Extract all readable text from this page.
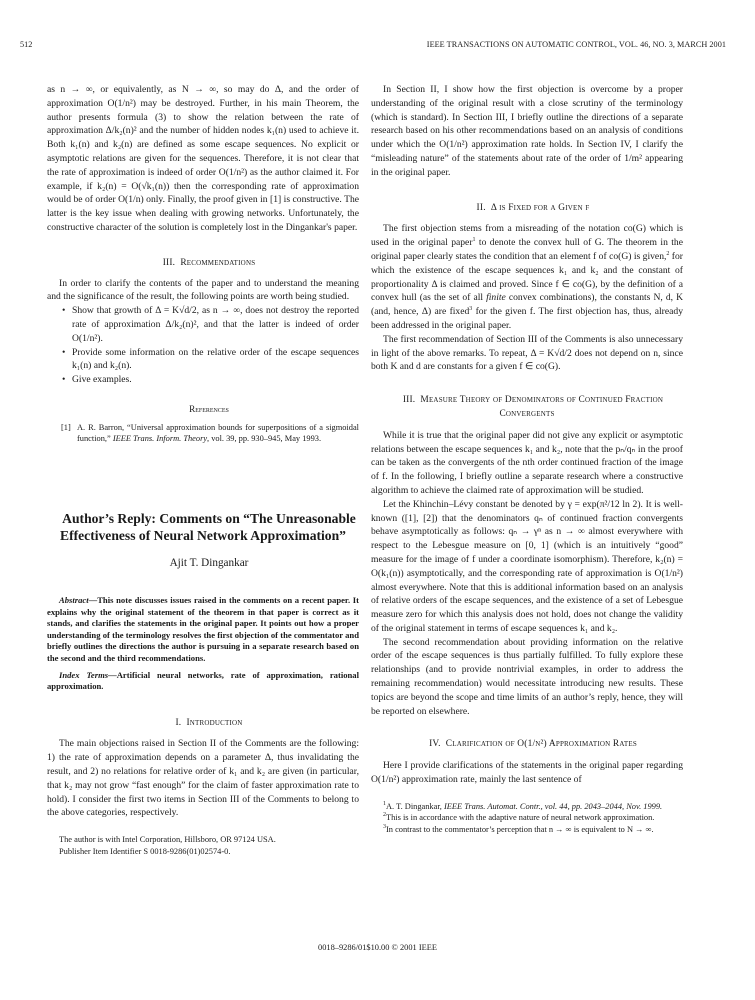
512	IEEE TRANSACTIONS ON AUTOMATIC CONTROL, VOL. 46, NO. 3, MARCH 2001

as n → ∞, or equivalently, as N → ∞, so may do Δ, and the order of approximation O(1/n²) may be destroyed. Further, in his main Theorem, the author presents formula (3) to show the relation between the rate of approximation Δ/k₂(n)² and the number of hidden nodes k₁(n) used to achieve it. Both k₁(n) and k₂(n) are defined as some escape sequences. No explicit or asymptotic relations are given for the sequences. Therefore, it is not clear that the rate of approximation is indeed of order O(1/n²) as the author claimed it. For example, if k₂(n) = O(√k₁(n)) then the corresponding rate of approximation would be of order O(1/n) only. Finally, the proof given in [1] is constructive. The latter is the key issue when dealing with growing networks. Unfortunately, the constructive character of the solution is completely lost in the Dingankar's paper.

III. Recommendations

In order to clarify the contents of the paper and to understand the meaning and the significance of the result, the following points are worth being studied.

• Show that growth of Δ = K√d/2, as n → ∞, does not destroy the reported rate of approximation Δ/k₂(n)², and that the latter is indeed of order O(1/n²).
• Provide some information on the relative order of the escape sequences k₁(n) and k₂(n).
• Give examples.

References

[1] A. R. Barron, “Universal approximation bounds for superpositions of a sigmoidal function,” IEEE Trans. Inform. Theory, vol. 39, pp. 930–945, May 1993.

Author’s Reply: Comments on “The Unreasonable
Effectiveness of Neural Network Approximation”

Ajit T. Dingankar

Abstract—This note discusses issues raised in the comments on a recent paper. It explains why the original statement of the theorem in that paper is correct as it stands, and clarifies the statements in the original paper. It points out how a proper understanding of the terminology resolves the first objection of the commentator and briefly outlines the directions the author is pursuing in a separate research based on the second and the third recommendations.

Index Terms—Artificial neural networks, rate of approximation, rational approximation.

I. Introduction

The main objections raised in Section II of the Comments are the following: 1) the rate of approximation depends on a parameter Δ, thus invalidating the result, and 2) no relations for relative order of k₁ and k₂ are given (in particular, that k₂ may not grow “fast enough” for the claim of faster approximation rate to hold). I consider the first two items in Section III of the Comments to belong to the above categories, respectively.

The author is with Intel Corporation, Hillsboro, OR 97124 USA.
Publisher Item Identifier S 0018-9286(01)02574-0.

In Section II, I show how the first objection is overcome by a proper understanding of the original result with a close scrutiny of the terminology (which is standard). In Section III, I briefly outline the directions of a separate research based on his other recommendations based on an analysis of conditions under which the O(1/n²) approximation rate holds. In Section IV, I clarify the “misleading nature” of the statements about rate of the order of 1/m² appearing in the original paper.

II. Δ is Fixed for a Given f

The first objection stems from a misreading of the notation co(G) which is used in the original paper$^1$ to denote the convex hull of G. The theorem in the original paper clearly states the condition that an element f of co(G) is given,$^2$ for which the existence of the escape sequences k₁ and k₂ and the constant of proportionality Δ is claimed and proved. Since f ∈ co(G), by the definition of a convex hull (as the set of all finite convex combinations), the constants N, d, K (and, hence, Δ) are fixed$^3$ for the given f. The first objection has, thus, already been addressed in the original paper.

The first recommendation of Section III of the Comments is also unnecessary in light of the above remarks. To repeat, Δ = K√d/2 does not depend on n, since both K and d are constants for a given f ∈ co(G).

III. Measure Theory of Denominators of Continued Fraction
Convergents

While it is true that the original paper did not give any explicit or asymptotic relations between the escape sequences k₁ and k₂, note that the pₙ/qₙ in the proof can be taken as the convergents of the nth order continued fraction of the image of f. In the following, I briefly outline a separate research where a constructive algorithm to achieve the claimed rate of approximation will be studied.

Let the Khinchin–Lévy constant be denoted by γ = exp(π²/12 ln 2). It is well-known ([1], [2]) that the denominators qₙ of continued fraction convergents behave asymptotically as follows: qₙ → γⁿ as n → ∞ almost everywhere with respect to the Lebesgue measure on [0, 1] (which is an intuitively “good” measure for the image of f under a coordinate isomorphism). Therefore, k₂(n) = O(k₁(n)) asymptotically, and the corresponding rate of approximation is O(1/n²) almost everywhere. Note that this is additional information based on an analysis of relative orders of the escape sequences, and the existence of a set of Lebesgue measure zero for which this analysis does not hold, does not change the validity of the original statement in terms of escape sequences k₁ and k₂.

The second recommendation about providing information on the relative order of the escape sequences is thus partially fulfilled. To fully explore these relationships (and to provide nontrivial examples, in order to address the remaining recommendation) would necessitate introducing new results. These topics are beyond the scope and time limits of an author’s reply, hence, they will be reported on elsewhere.

IV. Clarification of O(1/n²) Approximation Rates

Here I provide clarifications of the statements in the original paper regarding O(1/n²) approximation rate, mainly the last sentence of

$^1$A. T. Dingankar, IEEE Trans. Automat. Contr., vol. 44, pp. 2043–2044, Nov. 1999.

$^2$This is in accordance with the adaptive nature of neural network approximation.

$^3$In contrast to the commentator’s perception that n → ∞ is equivalent to N → ∞.

0018–9286/01$10.00 © 2001 IEEE
